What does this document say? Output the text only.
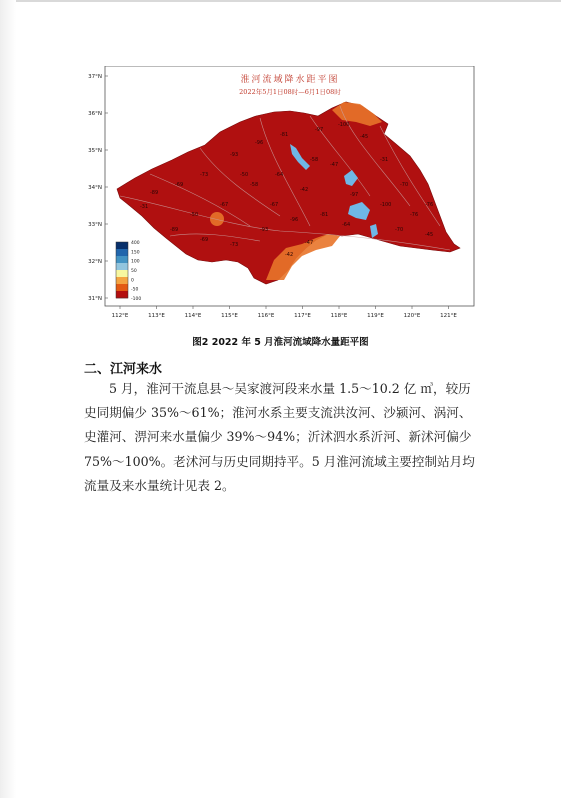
淮河流域降水距平图
2022年5月1日08时—6月1日08时
-89
-69
-73
-93
-96
-81
-97
-100
-45
-50
-67
-58
-64
-42
-47
-31
-70
-76
-89
-69
-73
-93
-96
-81
-97
-100
-45
-50
-67
-58
-64
-42
-47
-31
-70
-76
37°N
36°N
35°N
34°N
33°N
32°N
31°N
112°E	113°E	114°E	115°E	116°E	117°E	118°E	119°E	120°E	121°E
400
150
100
50
0
-50
-100
图2 2022 年 5 月淮河流域降水量距平图
二、江河来水

5 月，淮河干流息县～吴家渡河段来水量 1.5～10.2 亿 ㎥，较历史同期偏少 35%～61%；淮河水系主要支流洪汝河、沙颍河、涡河、史灌河、淠河来水量偏少 39%～94%；沂沭泗水系沂河、新沭河偏少 75%～100%。老沭河与历史同期持平。5 月淮河流域主要控制站月均流量及来水量统计见表 2。
